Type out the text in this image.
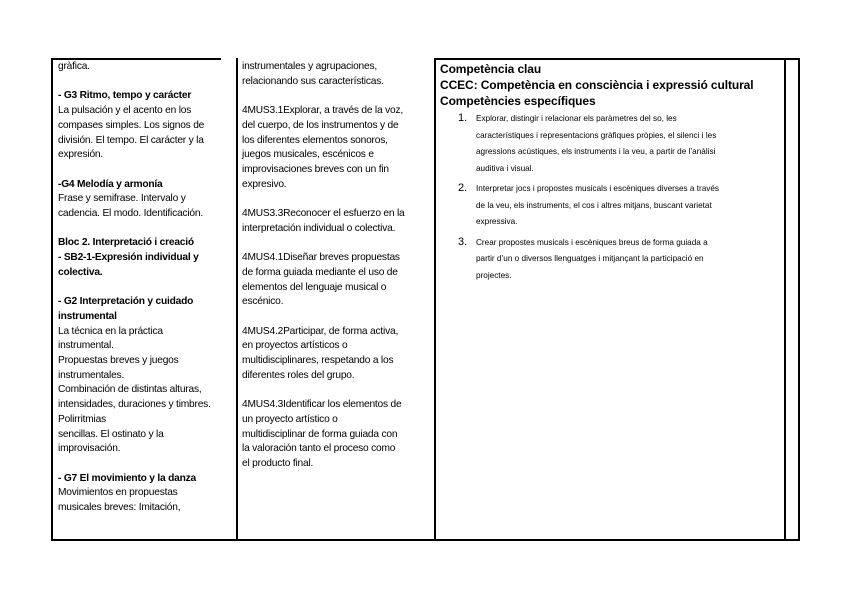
gràfica.

- G3 Ritmo, tempo y carácter

La pulsación y el acento en los

compases simples. Los signos de

división. El tempo. El carácter y la

expresión.

-G4 Melodía y armonía

Frase y semifrase. Intervalo y

cadencia. El modo. Identificación.

Bloc 2. Interpretació i creació

- SB2-1-Expresión individual y

colectiva.

- G2 Interpretación y cuidado

instrumental

La técnica en la práctica

instrumental.

Propuestas breves y juegos

instrumentales.

Combinación de distintas alturas,

intensidades, duraciones y timbres.

Polirritmias

sencillas. El ostinato y la

improvisación.

- G7 El movimiento y la danza

Movimientos en propuestas

musicales breves: Imitación,

instrumentales y agrupaciones,

relacionando sus características.

4MUS3.1Explorar, a través de la voz,

del cuerpo, de los instrumentos y de

los diferentes elementos sonoros,

juegos musicales, escénicos e

improvisaciones breves con un fin

expresivo.

4MUS3.3Reconocer el esfuerzo en la

interpretación individual o colectiva.

4MUS4.1Diseñar breves propuestas

de forma guiada mediante el uso de

elementos del lenguaje musical o

escénico.

4MUS4.2Participar, de forma activa,

en proyectos artísticos o

multidisciplinares, respetando a los

diferentes roles del grupo.

4MUS4.3Identificar los elementos de

un proyecto artístico o

multidisciplinar de forma guiada con

la valoración tanto el proceso como

el producto final.

Competència clau

CCEC: Competència en consciència i expressió cultural

Competències específiques

1. Explorar, distingir i relacionar els paràmetres del so, les
característiques i representacions gràfiques pròpies, el silenci i les
agressions acústiques, els instruments i la veu, a partir de l’anàlisi
auditiva i visual.
2. Interpretar jocs i propostes musicals i escèniques diverses a través
de la veu, els instruments, el cos i altres mitjans, buscant varietat
expressiva.
3. Crear propostes musicals i escèniques breus de forma guiada a
partir d’un o diversos llenguatges i mitjançant la participació en
projectes.
